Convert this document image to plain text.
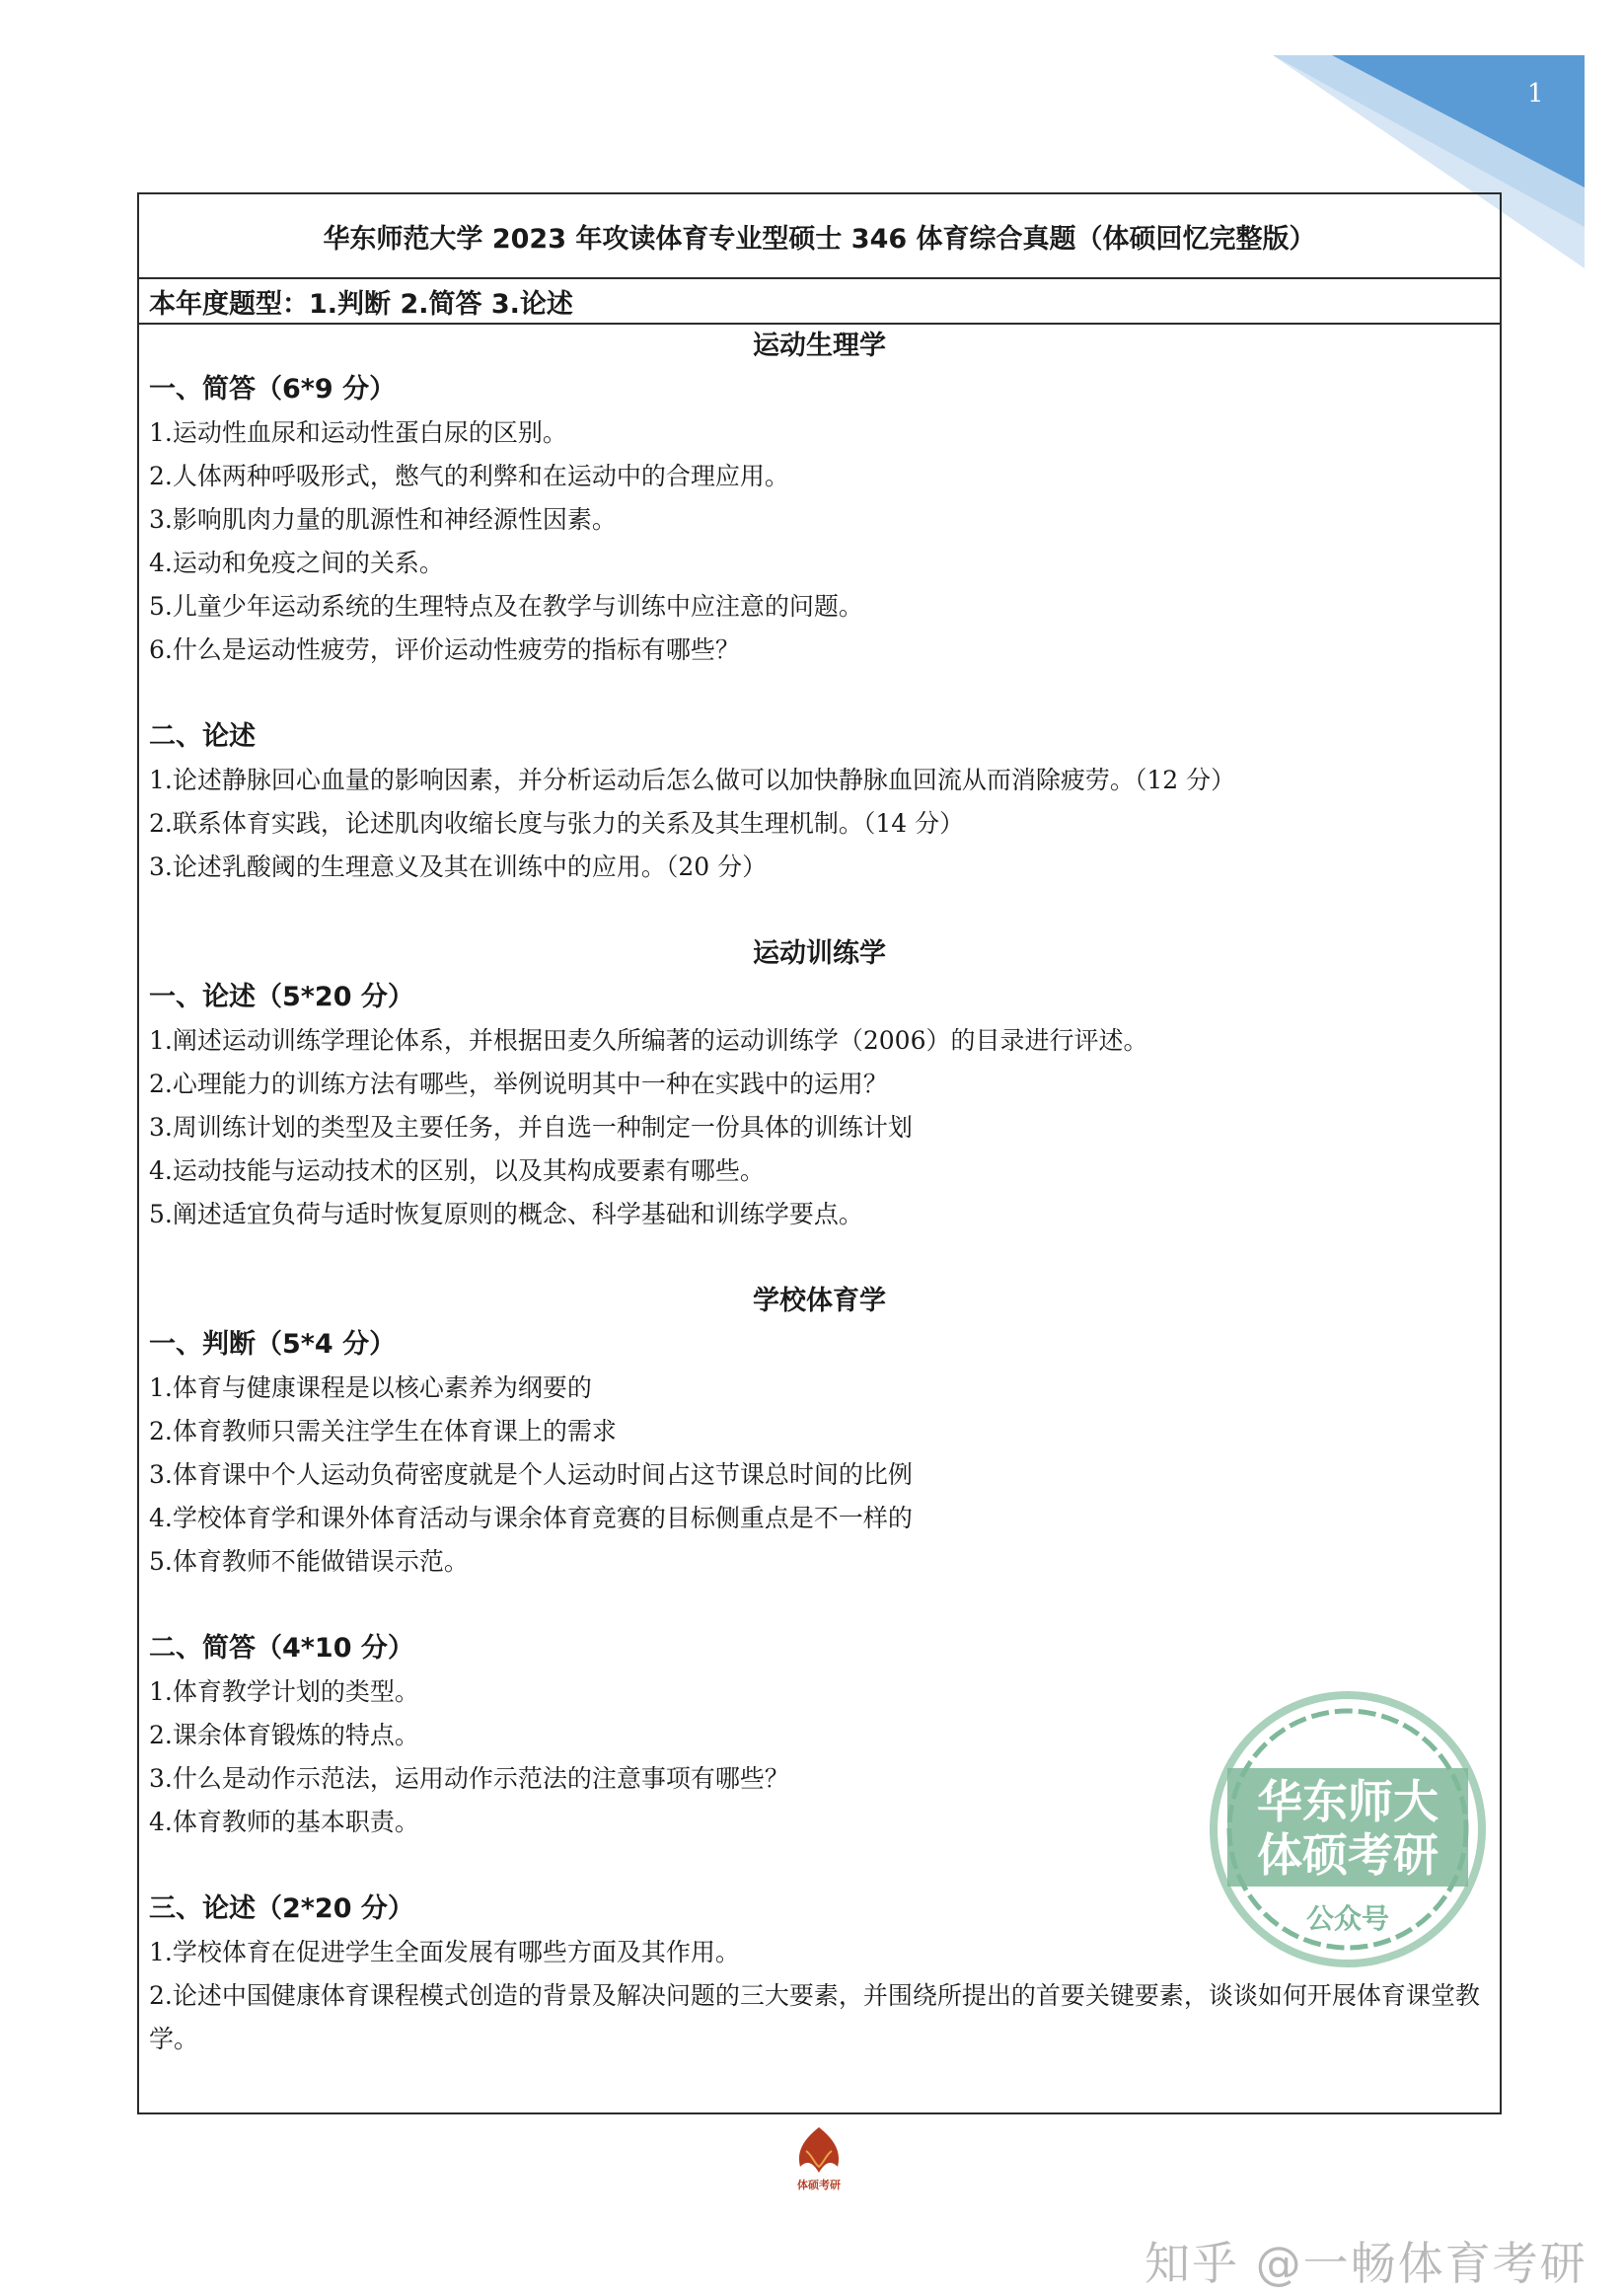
1
华东师范大学 2023 年攻读体育专业型硕士 346 体育综合真题（体硕回忆完整版）
本年度题型：1.判断 2.简答 3.论述
运动生理学
一、简答（6*9 分）
1.运动性血尿和运动性蛋白尿的区别。
2.人体两种呼吸形式，憋气的利弊和在运动中的合理应用。
3.影响肌肉力量的肌源性和神经源性因素。
4.运动和免疫之间的关系。
5.儿童少年运动系统的生理特点及在教学与训练中应注意的问题。
6.什么是运动性疲劳，评价运动性疲劳的指标有哪些？
二、论述
1.论述静脉回心血量的影响因素，并分析运动后怎么做可以加快静脉血回流从而消除疲劳。（12 分）
2.联系体育实践，论述肌肉收缩长度与张力的关系及其生理机制。（14 分）
3.论述乳酸阈的生理意义及其在训练中的应用。（20 分）
运动训练学
一、论述（5*20 分）
1.阐述运动训练学理论体系，并根据田麦久所编著的运动训练学（2006）的目录进行评述。
2.心理能力的训练方法有哪些，举例说明其中一种在实践中的运用？
3.周训练计划的类型及主要任务，并自选一种制定一份具体的训练计划
4.运动技能与运动技术的区别，以及其构成要素有哪些。
5.阐述适宜负荷与适时恢复原则的概念、科学基础和训练学要点。
学校体育学
一、判断（5*4 分）
1.体育与健康课程是以核心素养为纲要的
2.体育教师只需关注学生在体育课上的需求
3.体育课中个人运动负荷密度就是个人运动时间占这节课总时间的比例
4.学校体育学和课外体育活动与课余体育竞赛的目标侧重点是不一样的
5.体育教师不能做错误示范。
二、简答（4*10 分）
1.体育教学计划的类型。
2.课余体育锻炼的特点。
3.什么是动作示范法，运用动作示范法的注意事项有哪些？
4.体育教师的基本职责。
三、论述（2*20 分）
1.学校体育在促进学生全面发展有哪些方面及其作用。
2.论述中国健康体育课程模式创造的背景及解决问题的三大要素，并围绕所提出的首要关键要素，谈谈如何开展体育课堂教学。
华东师大
体硕考研
公众号
体硕考研
知乎 @一畅体育考研
